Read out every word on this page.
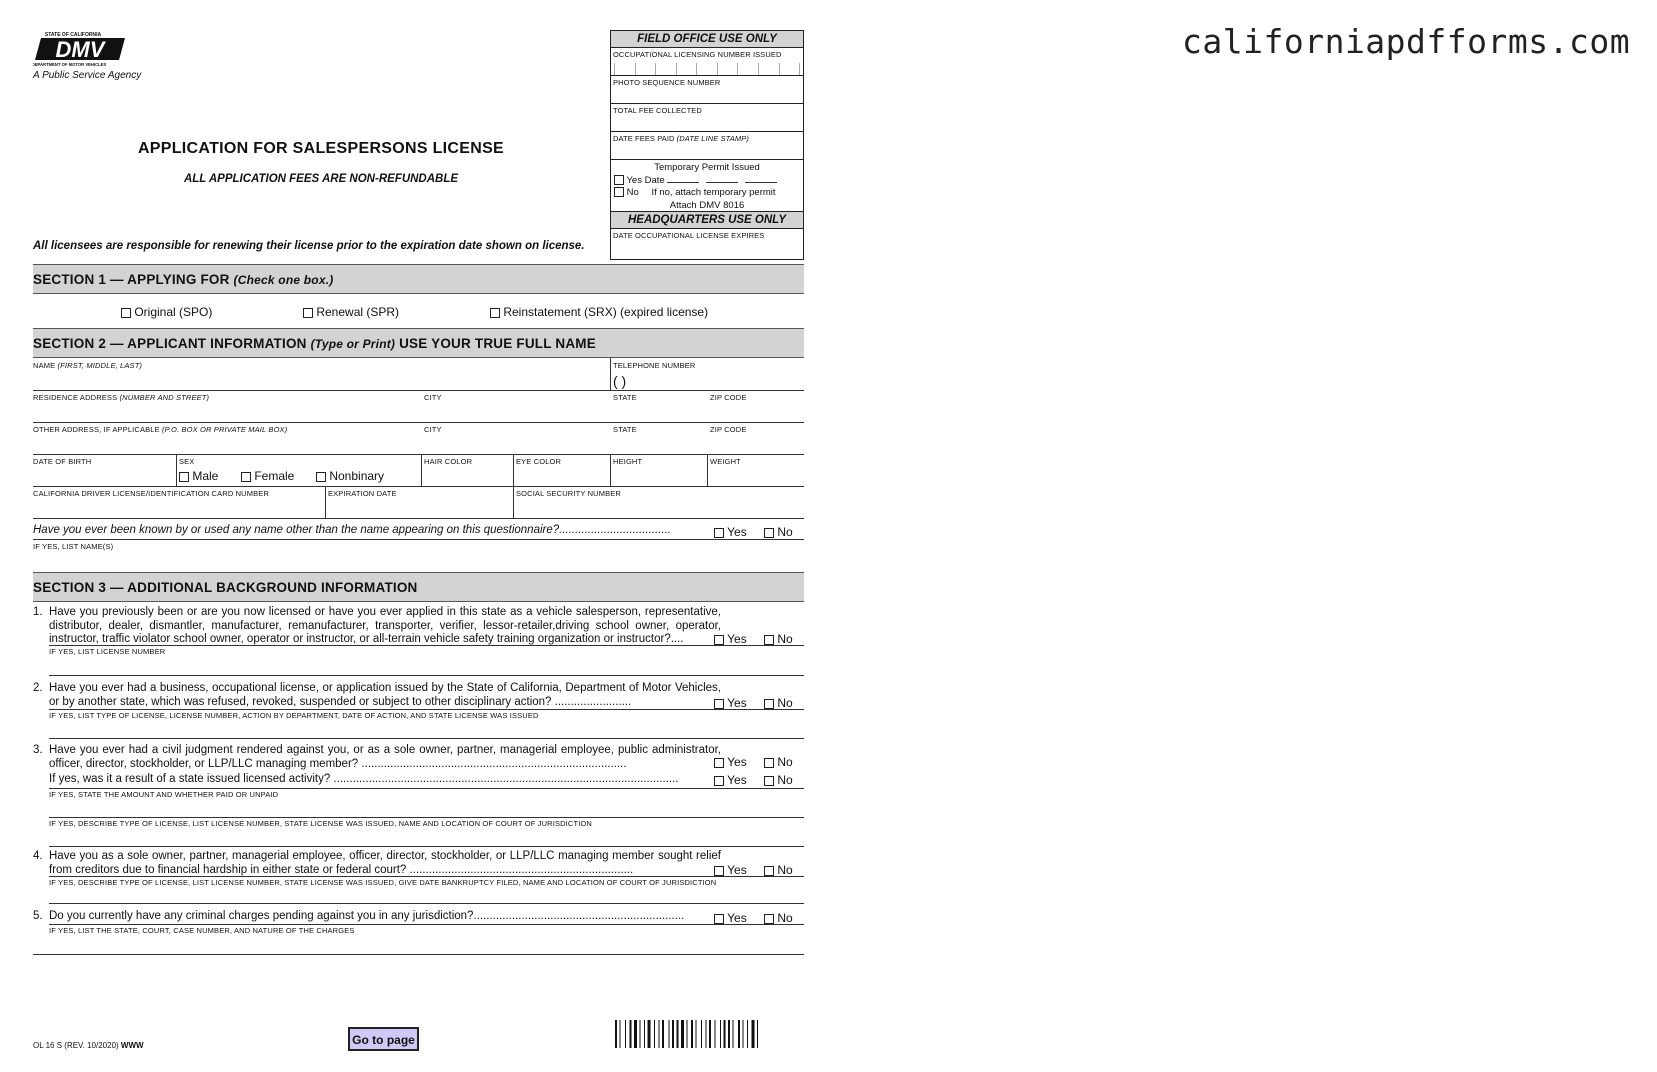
californiapdfforms.com
DMV
STATE OF CALIFORNIA
DEPARTMENT OF MOTOR VEHICLES
A Public Service Agency
APPLICATION FOR SALESPERSONS LICENSE
ALL APPLICATION FEES ARE NON-REFUNDABLE
All licensees are responsible for renewing their license prior to the expiration date shown on license.
FIELD OFFICE USE ONLY
OCCUPATIONAL LICENSING NUMBER ISSUED
PHOTO SEQUENCE NUMBER
TOTAL FEE COLLECTED
DATE FEES PAID (DATE LINE STAMP)
Temporary Permit Issued
Yes Date
No If no, attach temporary permit
Attach DMV 8016
HEADQUARTERS USE ONLY
DATE OCCUPATIONAL LICENSE EXPIRES
SECTION 1 — APPLYING FOR (Check one box.)
Original (SPO)	Renewal (SPR)	Reinstatement (SRX) (expired license)
SECTION 2 — APPLICANT INFORMATION (Type or Print) USE YOUR TRUE FULL NAME
NAME (FIRST, MIDDLE, LAST)	TELEPHONE NUMBER
( )
RESIDENCE ADDRESS (NUMBER AND STREET)	CITY	STATE	ZIP CODE
OTHER ADDRESS, IF APPLICABLE (P.O. BOX OR PRIVATE MAIL BOX)	CITY	STATE	ZIP CODE
DATE OF BIRTH	SEX
Male	Female	Nonbinary
HAIR COLOR	EYE COLOR	HEIGHT	WEIGHT
CALIFORNIA DRIVER LICENSE/IDENTIFICATION CARD NUMBER	EXPIRATION DATE	SOCIAL SECURITY NUMBER
Have you ever been known by or used any name other than the name appearing on this questionnaire?...................................	Yes	No
IF YES, LIST NAME(S)
SECTION 3 — ADDITIONAL BACKGROUND INFORMATION
1. Have you previously been or are you now licensed or have you ever applied in this state as a vehicle salesperson, representative, distributor, dealer, dismantler, manufacturer, remanufacturer, transporter, verifier, lessor-retailer,driving school owner, operator, instructor, traffic violator school owner, operator or instructor, or all-terrain vehicle safety training organization or instructor?....	Yes	No
IF YES, LIST LICENSE NUMBER
2. Have you ever had a business, occupational license, or application issued by the State of California, Department of Motor Vehicles, or by another state, which was refused, revoked, suspended or subject to other disciplinary action? ........................	Yes	No
IF YES, LIST TYPE OF LICENSE, LICENSE NUMBER, ACTION BY DEPARTMENT, DATE OF ACTION, AND STATE LICENSE WAS ISSUED
3. Have you ever had a civil judgment rendered against you, or as a sole owner, partner, managerial employee, public administrator, officer, director, stockholder, or LLP/LLC managing member? ...................................................................................	Yes	No
If yes, was it a result of a state issued licensed activity? ............................................................................................................	Yes	No
IF YES, STATE THE AMOUNT AND WHETHER PAID OR UNPAID
IF YES, DESCRIBE TYPE OF LICENSE, LIST LICENSE NUMBER, STATE LICENSE WAS ISSUED, NAME AND LOCATION OF COURT OF JURISDICTION
4. Have you as a sole owner, partner, managerial employee, officer, director, stockholder, or LLP/LLC managing member sought relief from creditors due to financial hardship in either state or federal court? ......................................................................	Yes	No
IF YES, DESCRIBE TYPE OF LICENSE, LIST LICENSE NUMBER, STATE LICENSE WAS ISSUED, GIVE DATE BANKRUPTCY FILED, NAME AND LOCATION OF COURT OF JURISDICTION
5. Do you currently have any criminal charges pending against you in any jurisdiction?..................................................................	Yes	No
IF YES, LIST THE STATE, COURT, CASE NUMBER, AND NATURE OF THE CHARGES
OL 16 S (REV. 10/2020) WWW	Go to page
